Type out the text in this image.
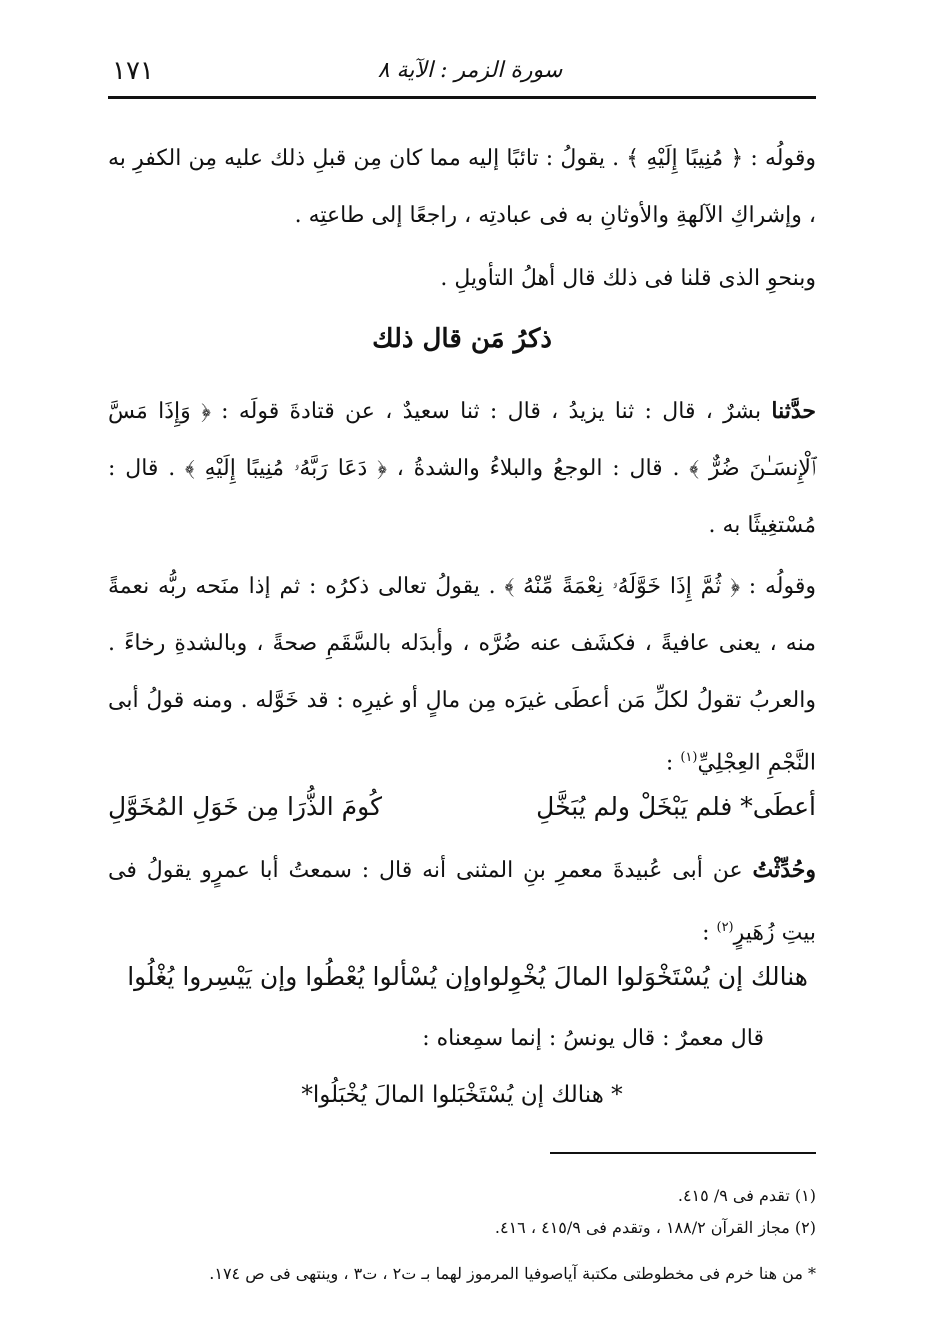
١٧١	سورة الزمر : الآية ٨

وقولُه : ﴿ مُنِيبًا إِلَيْهِ ﴾ . يقولُ : تائبًا إليه مما كان مِن قبلِ ذلك عليه مِن الكفرِ به ، وإشراكِ الآلهةِ والأوثانِ به فى عبادتِه ، راجعًا إلى طاعتِه .

وبنحوِ الذى قلنا فى ذلك قال أهلُ التأويلِ .

ذكرُ مَن قال ذلك

حدَّثنا بشرٌ ، قال : ثنا يزيدُ ، قال : ثنا سعيدٌ ، عن قتادةَ قولَه : ﴿ وَإِذَا مَسَّ ٱلْإِنسَـٰنَ ضُرٌّ ﴾ . قال : الوجعُ والبلاءُ والشدةُ ، ﴿ دَعَا رَبَّهُۥ مُنِيبًا إِلَيْهِ ﴾ . قال : مُسْتغِيثًا به .

وقولُه : ﴿ ثُمَّ إِذَا خَوَّلَهُۥ نِعْمَةً مِّنْهُ ﴾ . يقولُ تعالى ذكرُه : ثم إذا منَحه ربُّه نعمةً منه ، يعنى عافيةً ، فكشَف عنه ضُرَّه ، وأبدَله بالسَّقَمِ صحةً ، وبالشدةِ رخاءً . والعربُ تقولُ لكلِّ مَن أعطَى غيرَه مِن مالٍ أو غيرِه : قد خَوَّله . ومنه قولُ أبى النَّجْمِ العِجْلِيِّ$^{(١)}$ :

أعطَى* فلم يَبْخَلْ ولم يُبَخَّلِ
كُومَ الذُّرَا مِن خَوَلِ المُخَوَّلِ

وحُدِّثْتُ عن أبى عُبيدةَ معمرِ بنِ المثنى أنه قال : سمعتُ أبا عمرٍو يقولُ فى بيتِ زُهَيرٍ$^{(٢)}$ :

هنالك إن يُسْتَخْوَلوا المالَ يُخْوِلوا
وإن يُسْألوا يُعْطُوا وإن يَيْسِروا يُغْلُوا

قال معمرٌ : قال يونسُ : إنما سمِعناه :

* هنالك إن يُسْتَخْبَلوا المالَ يُخْبَلُوا*
(١) تقدم فى ٩/ ٤١٥.
(٢) مجاز القرآن ١٨٨/٢ ، وتقدم فى ٤١٥/٩ ، ٤١٦.
* من هنا خرم فى مخطوطتى مكتبة آياصوفيا المرموز لهما بـ ت٢ ، ت٣ ، وينتهى فى ص ١٧٤.
